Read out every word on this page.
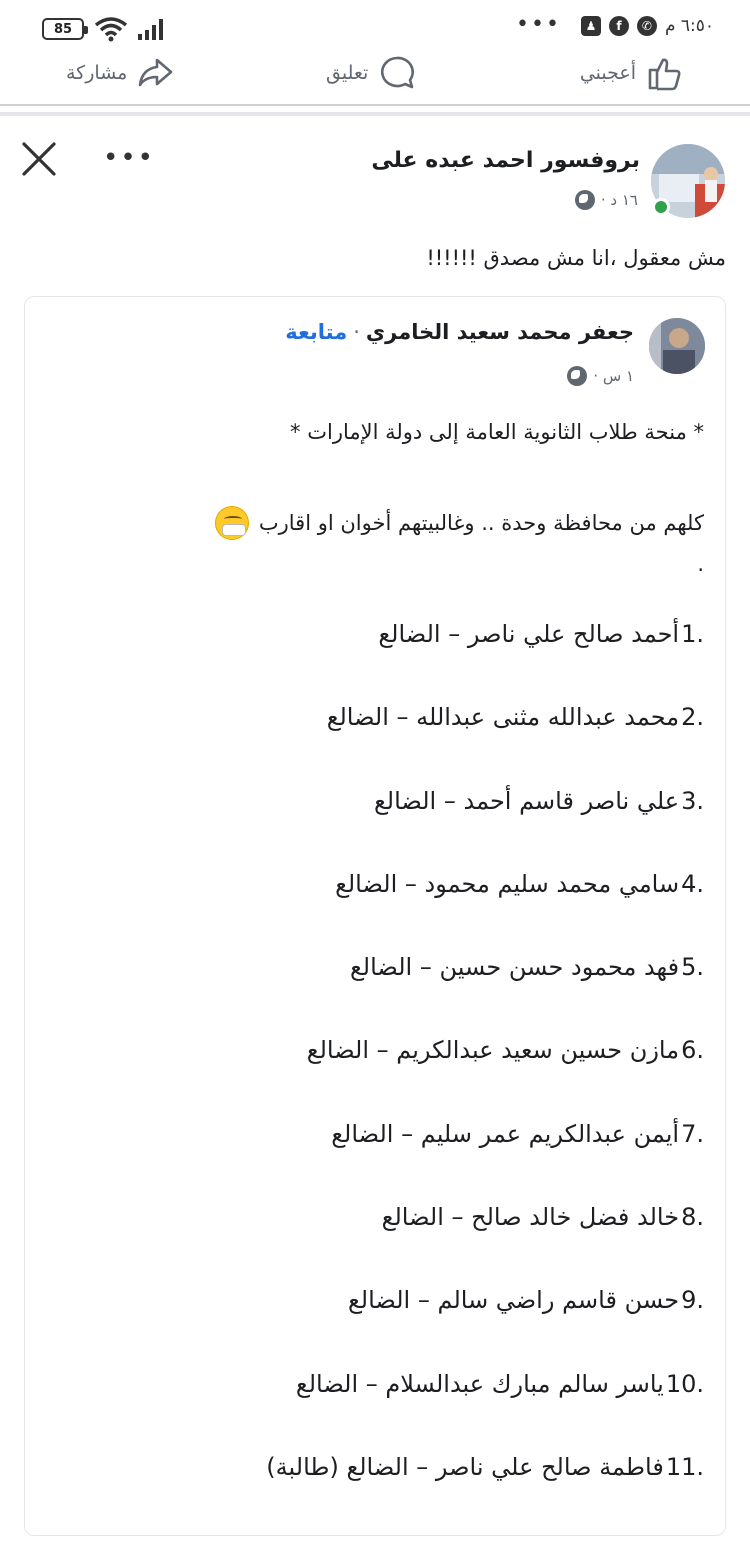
85	•••	٦:٥٠ م
✆
f
♟
أعجبني
تعليق
مشاركة
بروفسور احمد عبده على
١٦ د ·
•••
مش معقول ،انا مش مصدق !!!!!!
جعفر محمد سعيد الخامري
·
متابعة
١ س ·
* منحة طلاب الثانوية العامة إلى دولة الإمارات *
كلهم من محافظة وحدة .. وغالبيتهم أخوان او اقارب
.
1.
أحمد صالح علي ناصر – الضالع
2.
محمد عبدالله مثنى عبدالله – الضالع
3.
علي ناصر قاسم أحمد – الضالع
4.
سامي محمد سليم محمود – الضالع
5.
فهد محمود حسن حسين – الضالع
6.
مازن حسين سعيد عبدالكريم – الضالع
7.
أيمن عبدالكريم عمر سليم – الضالع
8.
خالد فضل خالد صالح – الضالع
9.
حسن قاسم راضي سالم – الضالع
10.
ياسر سالم مبارك عبدالسلام – الضالع
11.
فاطمة صالح علي ناصر – الضالع (طالبة)
